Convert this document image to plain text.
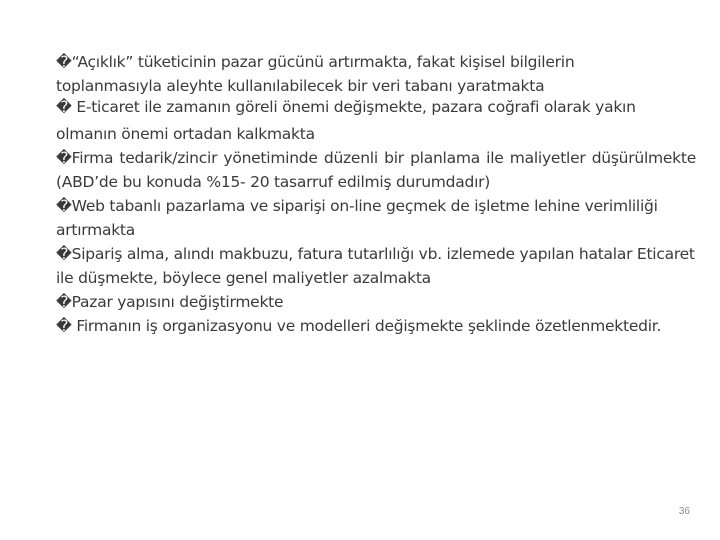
�“Açıklık” tüketicinin pazar gücünü artırmakta, fakat kişisel bilgilerin
toplanmasıyla aleyhte kullanılabilecek bir veri tabanı yaratmakta

� E-ticaret ile zamanın göreli önemi değişmekte, pazara coğrafi olarak yakın

olmanın önemi ortadan kalkmakta

�Firma tedarik/zincir yönetiminde düzenli bir planlama ile maliyetler düşürülmekte (ABD’de bu konuda %15- 20 tasarruf edilmiş durumdadır)

�Web tabanlı pazarlama ve siparişi on-line geçmek de işletme lehine verimliliği artırmakta

�Sipariş alma, alındı makbuzu, fatura tutarlılığı vb. izlemede yapılan hatalar Eticaret ile düşmekte, böylece genel maliyetler azalmakta

�Pazar yapısını değiştirmekte

� Firmanın iş organizasyonu ve modelleri değişmekte şeklinde özetlenmektedir.

36
